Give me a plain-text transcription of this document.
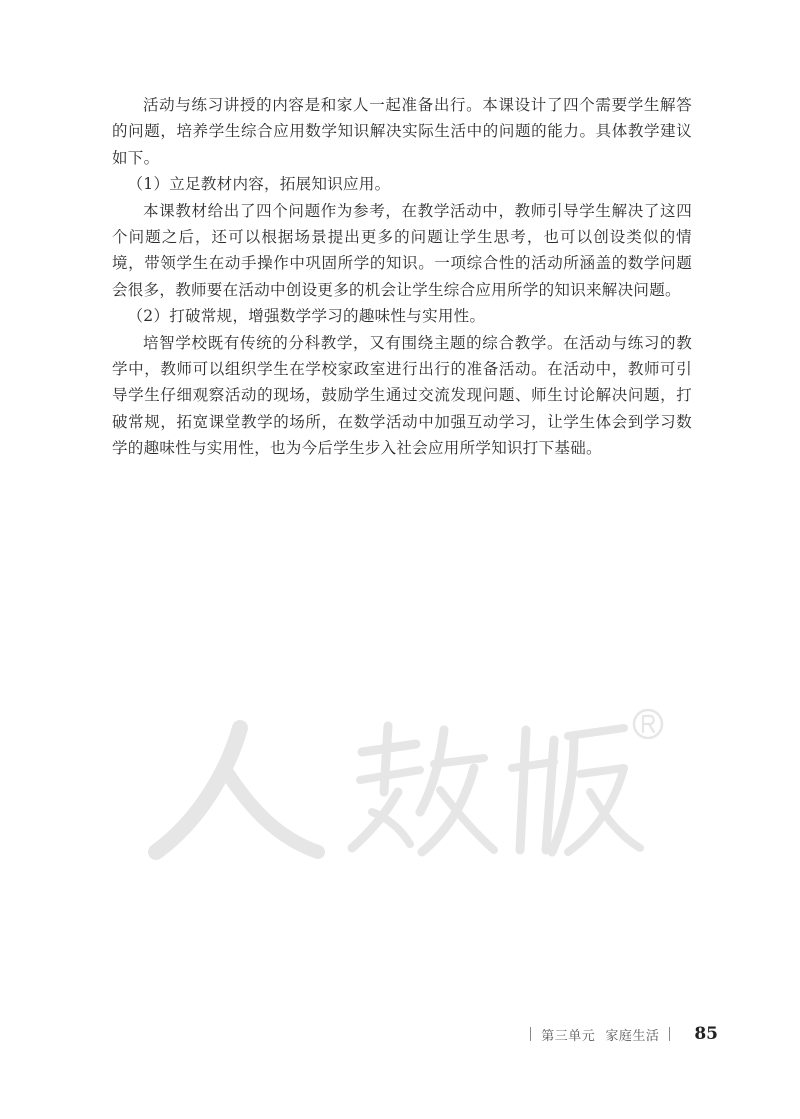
活动与练习讲授的内容是和家人一起准备出行。本课设计了四个需要学生解答的问题，培养学生综合应用数学知识解决实际生活中的问题的能力。具体教学建议如下。

（1）立足教材内容，拓展知识应用。

本课教材给出了四个问题作为参考，在教学活动中，教师引导学生解决了这四个问题之后，还可以根据场景提出更多的问题让学生思考，也可以创设类似的情境，带领学生在动手操作中巩固所学的知识。一项综合性的活动所涵盖的数学问题会很多，教师要在活动中创设更多的机会让学生综合应用所学的知识来解决问题。

（2）打破常规，增强数学学习的趣味性与实用性。

培智学校既有传统的分科教学，又有围绕主题的综合教学。在活动与练习的教学中，教师可以组织学生在学校家政室进行出行的准备活动。在活动中，教师可引导学生仔细观察活动的现场，鼓励学生通过交流发现问题、师生讨论解决问题，打破常规，拓宽课堂教学的场所，在数学活动中加强互动学习，让学生体会到学习数学的趣味性与实用性，也为今后学生步入社会应用所学知识打下基础。

第三单元 家庭生活 85
